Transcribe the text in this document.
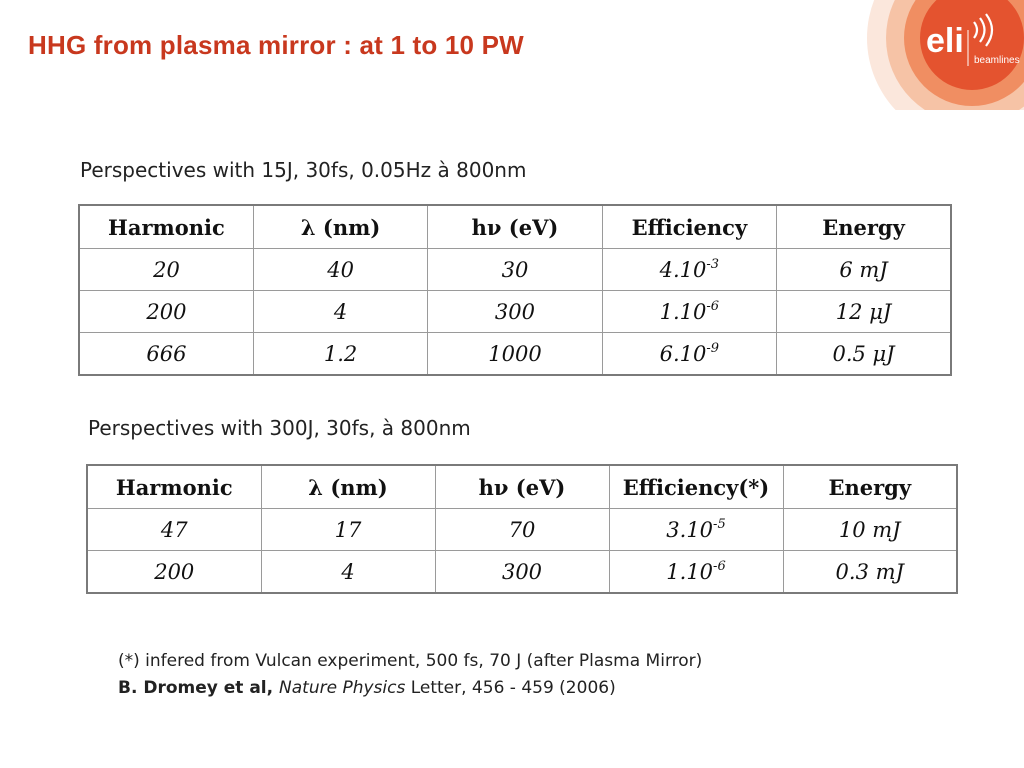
HHG from plasma mirror : at 1 to 10 PW	eli
beamlines
Perspectives with 15J, 30fs, 0.05Hz à 800nm
Harmonic	λ (nm)	hν (eV)	Efficiency	Energy
20	40	30	$4.10^{-3}$	6 mJ
200	4	300	$1.10^{-6}$	12 μJ
666	1.2	1000	$6.10^{-9}$	0.5 μJ
Perspectives with 300J, 30fs, à 800nm
Harmonic	λ (nm)	hν (eV)	Efficiency(*)	Energy
47	17	70	$3.10^{-5}$	10 mJ
200	4	300	$1.10^{-6}$	0.3 mJ
(*) infered from Vulcan experiment, 500 fs, 70 J (after Plasma Mirror)
B. Dromey et al, Nature Physics Letter, 456 - 459 (2006)
